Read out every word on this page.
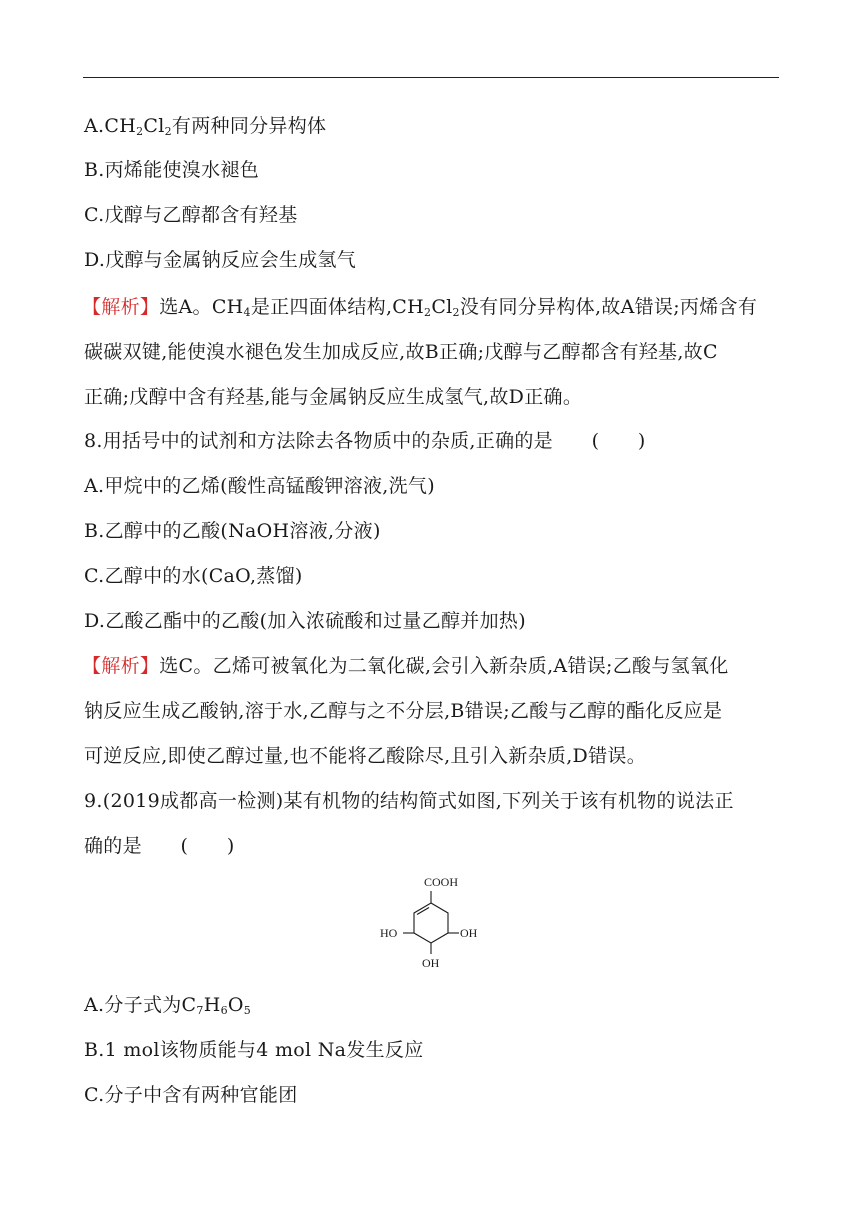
$A.CH_2Cl_2$有两种同分异构体
B.丙烯能使溴水褪色
C.戊醇与乙醇都含有羟基
D.戊醇与金属钠反应会生成氢气
【解析】选A。$CH_4$是正四面体结构$,CH_2Cl_2$没有同分异构体,故A错误;丙烯含有
碳碳双键,能使溴水褪色发生加成反应,故B正确;戊醇与乙醇都含有羟基,故C
正确;戊醇中含有羟基,能与金属钠反应生成氢气,故D正确。
8.用括号中的试剂和方法除去各物质中的杂质,正确的是　　(　　)
A.甲烷中的乙烯(酸性高锰酸钾溶液,洗气)
B.乙醇中的乙酸(NaOH溶液,分液)
C.乙醇中的水(CaO,蒸馏)
D.乙酸乙酯中的乙酸(加入浓硫酸和过量乙醇并加热)
【解析】选C。乙烯可被氧化为二氧化碳,会引入新杂质,A错误;乙酸与氢氧化
钠反应生成乙酸钠,溶于水,乙醇与之不分层,B错误;乙酸与乙醇的酯化反应是
可逆反应,即使乙醇过量,也不能将乙酸除尽,且引入新杂质,D错误。
9.(2019成都高一检测)某有机物的结构简式如图,下列关于该有机物的说法正
确的是　　(　　)
COOH
HO	OH
OH
A.分子式为$C_7H_6O_5$
B.1 mol该物质能与4 mol Na发生反应
C.分子中含有两种官能团
